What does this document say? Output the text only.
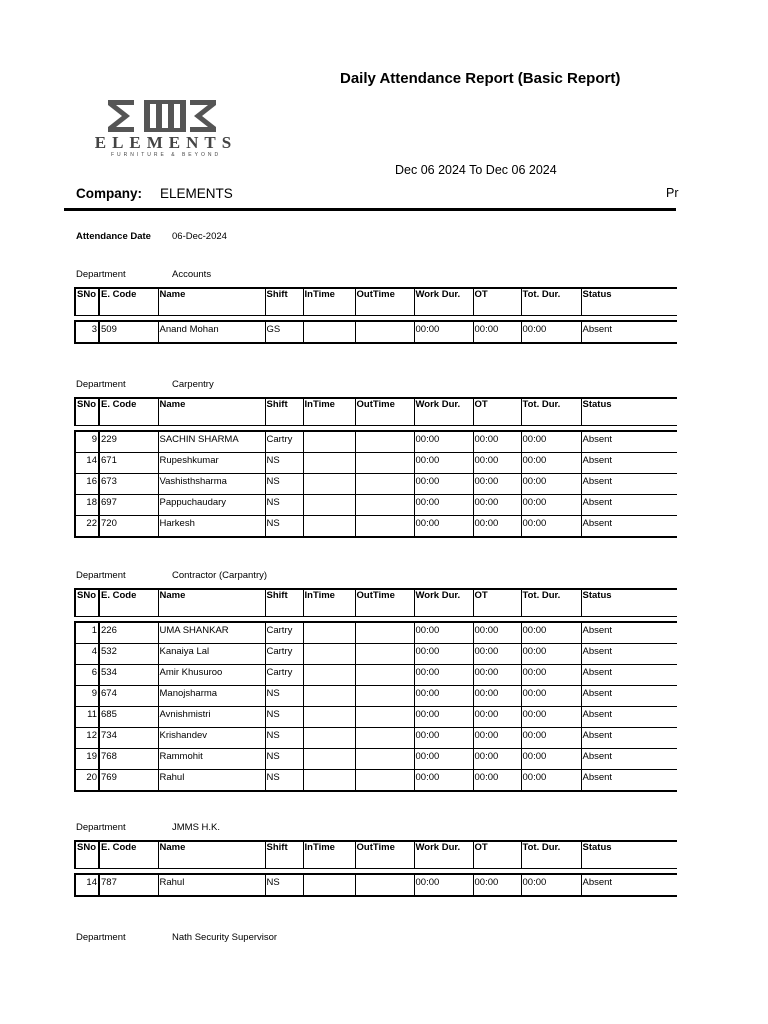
Daily Attendance Report (Basic Report)
ELEMENTS
FURNITURE & BEYOND
Dec 06 2024 To Dec 06 2024
Company: ELEMENTS	Pr
Attendance Date 06-Dec-2024
Department	Accounts
SNo	E. Code	Name	Shift	InTime	OutTime	Work Dur.	OT	Tot. Dur.	Status

3	509	Anand Mohan	GS			00:00	00:00	00:00	Absent
Department	Carpentry
SNo	E. Code	Name	Shift	InTime	OutTime	Work Dur.	OT	Tot. Dur.	Status

9	229	SACHIN SHARMA	Cartry			00:00	00:00	00:00	Absent
14	671	Rupeshkumar	NS			00:00	00:00	00:00	Absent
16	673	Vashisthsharma	NS			00:00	00:00	00:00	Absent
18	697	Pappuchaudary	NS			00:00	00:00	00:00	Absent
22	720	Harkesh	NS			00:00	00:00	00:00	Absent
Department	Contractor (Carpantry)
SNo	E. Code	Name	Shift	InTime	OutTime	Work Dur.	OT	Tot. Dur.	Status

1	226	UMA SHANKAR	Cartry			00:00	00:00	00:00	Absent
4	532	Kanaiya Lal	Cartry			00:00	00:00	00:00	Absent
6	534	Amir Khusuroo	Cartry			00:00	00:00	00:00	Absent
9	674	Manojsharma	NS			00:00	00:00	00:00	Absent
11	685	Avnishmistri	NS			00:00	00:00	00:00	Absent
12	734	Krishandev	NS			00:00	00:00	00:00	Absent
19	768	Rammohit	NS			00:00	00:00	00:00	Absent
20	769	Rahul	NS			00:00	00:00	00:00	Absent
Department	JMMS H.K.
SNo	E. Code	Name	Shift	InTime	OutTime	Work Dur.	OT	Tot. Dur.	Status

14	787	Rahul	NS			00:00	00:00	00:00	Absent
Department	Nath Security Supervisor
